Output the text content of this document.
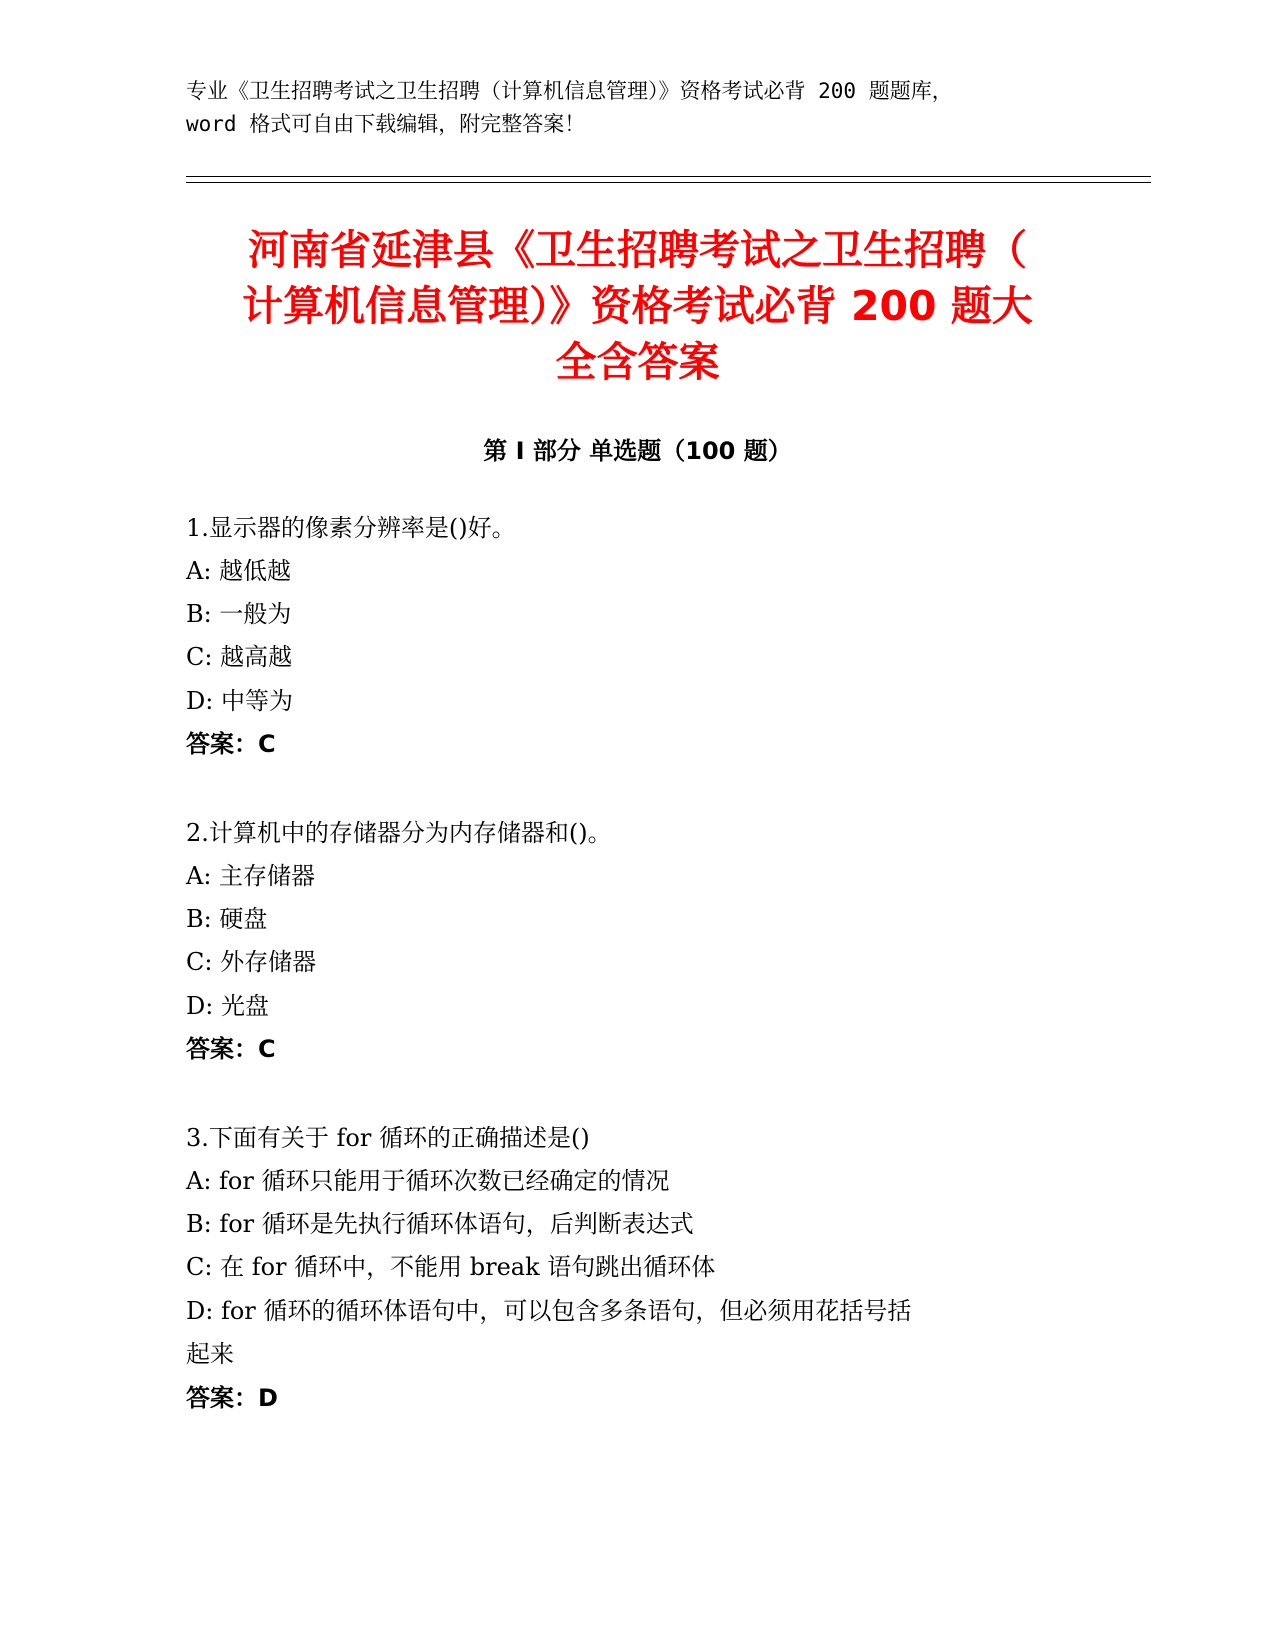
专业《卫生招聘考试之卫生招聘（计算机信息管理）》资格考试必背 200 题题库，
word 格式可自由下载编辑，附完整答案！
河南省延津县《卫生招聘考试之卫生招聘（
计算机信息管理）》资格考试必背 200 题大
全含答案
第 I 部分 单选题（100 题）
1.显示器的像素分辨率是()好。
A: 越低越
B: 一般为
C: 越高越
D: 中等为
答案：C
2.计算机中的存储器分为内存储器和()。
A: 主存储器
B: 硬盘
C: 外存储器
D: 光盘
答案：C
3.下面有关于 for 循环的正确描述是()
A: for 循环只能用于循环次数已经确定的情况
B: for 循环是先执行循环体语句，后判断表达式
C: 在 for 循环中，不能用 break 语句跳出循环体
D: for 循环的循环体语句中，可以包含多条语句，但必须用花括号括
起来
答案：D
